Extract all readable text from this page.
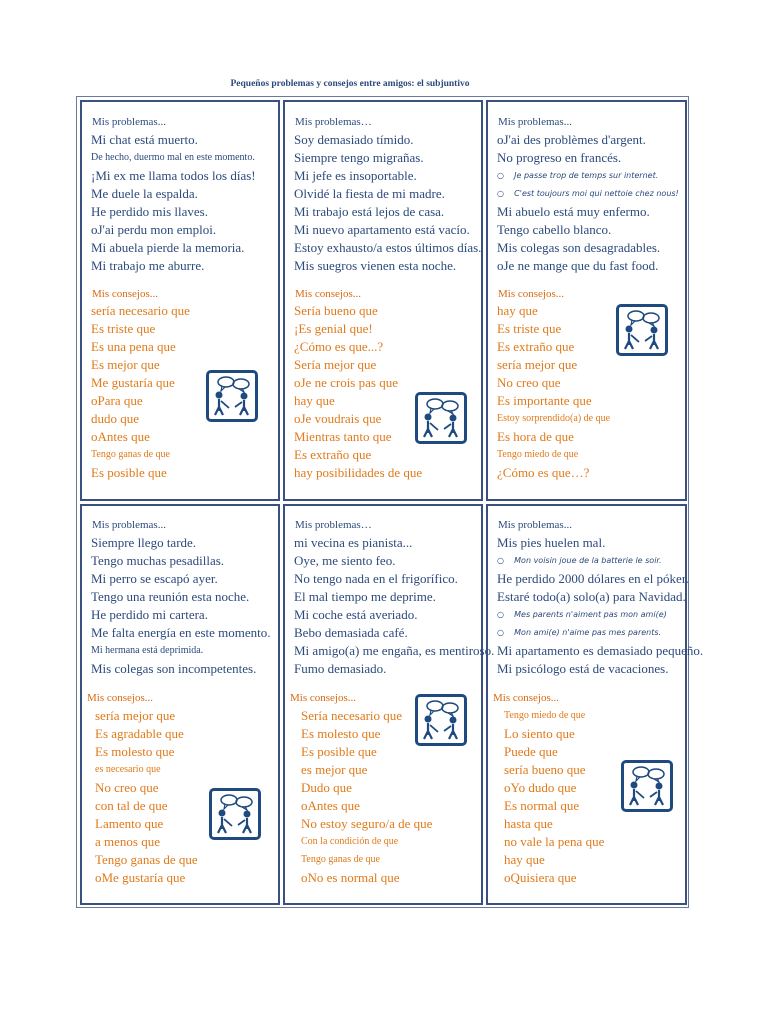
Pequeños problemas y consejos entre amigos: el subjuntivo
Mis problemas...
Mi chat está muerto.
De hecho, duermo mal en este momento.
¡Mi ex me llama todos los días!
Me duele la espalda.
He perdido mis llaves.
oJ'ai perdu mon emploi.
Mi abuela pierde la memoria.
Mi trabajo me aburre.
Mis consejos...
sería necesario que
Es triste que
Es una pena que
Es mejor que
Me gustaría que
oPara que
dudo que
oAntes que
Tengo ganas de que
Es posible que
Mis problemas…
Soy demasiado tímido.
Siempre tengo migrañas.
Mi jefe es insoportable.
Olvidé la fiesta de mi madre.
Mi trabajo está lejos de casa.
Mi nuevo apartamento está vacío.
Estoy exhausto/a estos últimos días.
Mis suegros vienen esta noche.
Mis consejos...
Sería bueno que
¡Es genial que!
¿Cómo es que...?
Sería mejor que
oJe ne crois pas que
hay que
oJe voudrais que
Mientras tanto que
Es extraño que
hay posibilidades de que
Mis problemas...
oJ'ai des problèmes d'argent.
No progreso en francés.
○    Je passe trop de temps sur internet.
○    C'est toujours moi qui nettoie chez nous!
Mi abuelo está muy enfermo.
Tengo cabello blanco.
Mis colegas son desagradables.
oJe ne mange que du fast food.
Mis consejos...
hay que
Es triste que
Es extraño que
sería mejor que
No creo que
Es importante que
Estoy sorprendido(a) de que
Es hora de que
Tengo miedo de que
¿Cómo es que…?
Mis problemas...
Siempre llego tarde.
Tengo muchas pesadillas.
Mi perro se escapó ayer.
Tengo una reunión esta noche.
He perdido mi cartera.
Me falta energía en este momento.
Mi hermana está deprimida.
Mis colegas son incompetentes.
Mis consejos...
sería mejor que
Es agradable que
Es molesto que
es necesario que
No creo que
con tal de que
Lamento que
a menos que
Tengo ganas de que
oMe gustaría que
Mis problemas…
mi vecina es pianista...
Oye, me siento feo.
No tengo nada en el frigorífico.
El mal tiempo me deprime.
Mi coche está averiado.
Bebo demasiada café.
Mi amigo(a) me engaña, es mentiroso.
Fumo demasiado.
Mis consejos...
Sería necesario que
Es molesto que
Es posible que
es mejor que
Dudo que
oAntes que
No estoy seguro/a de que
Con la condición de que
Tengo ganas de que
oNo es normal que
Mis problemas...
Mis pies huelen mal.
○    Mon voisin joue de la batterie le soir.
He perdido 2000 dólares en el póker.
Estaré todo(a) solo(a) para Navidad.
○    Mes parents n'aiment pas mon ami(e)
○    Mon ami(e) n'aime pas mes parents.
Mi apartamento es demasiado pequeño.
Mi psicólogo está de vacaciones.
Mis consejos...
Tengo miedo de que
Lo siento que
Puede que
sería bueno que
oYo dudo que
Es normal que
hasta que
no vale la pena que
hay que
oQuisiera que
